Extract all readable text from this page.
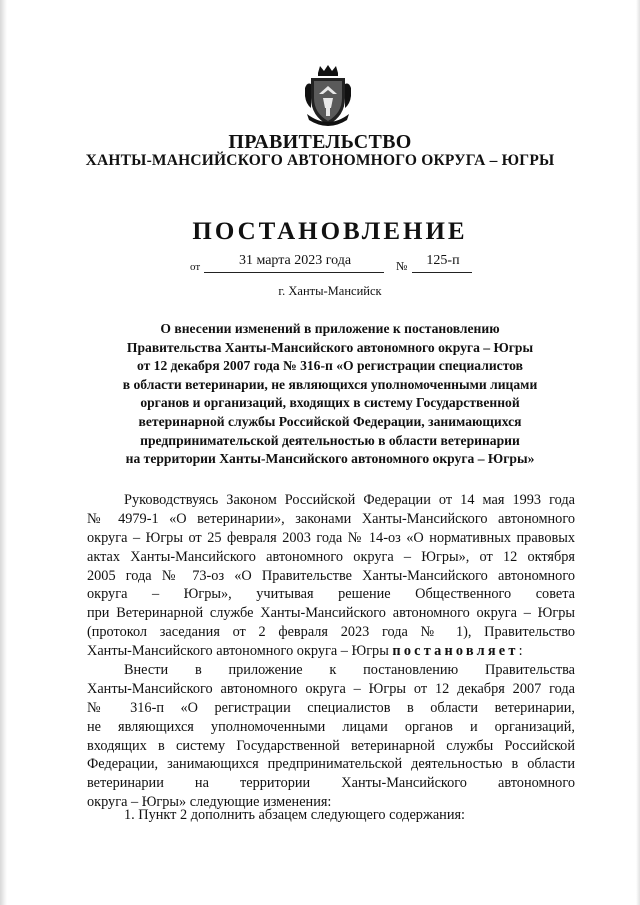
ПРАВИТЕЛЬСТВО
ХАНТЫ-МАНСИЙСКОГО АВТОНОМНОГО ОКРУГА – ЮГРЫ
ПОСТАНОВЛЕНИЕ
от	31 марта 2023 года	№	125-п
г. Ханты-Мансийск
О внесении изменений в приложение к постановлению
Правительства Ханты-Мансийского автономного округа – Югры
от 12 декабря 2007 года № 316-п «О регистрации специалистов
в области ветеринарии, не являющихся уполномоченными лицами
органов и организаций, входящих в систему Государственной
ветеринарной службы Российской Федерации, занимающихся
предпринимательской деятельностью в области ветеринарии
на территории Ханты-Мансийского автономного округа – Югры»
Руководствуясь Законом Российской Федерации от 14 мая 1993 года
№ 4979-1 «О ветеринарии», законами Ханты-Мансийского автономного
округа – Югры от 25 февраля 2003 года № 14-оз «О нормативных правовых
актах Ханты-Мансийского автономного округа – Югры», от 12 октября
2005 года № 73-оз «О Правительстве Ханты-Мансийского автономного
округа – Югры», учитывая решение Общественного совета
при Ветеринарной службе Ханты-Мансийского автономного округа – Югры
(протокол заседания от 2 февраля 2023 года № 1), Правительство
Ханты-Мансийского автономного округа – Югры постановляет:
Внести в приложение к постановлению Правительства
Ханты-Мансийского автономного округа – Югры от 12 декабря 2007 года
№ 316-п «О регистрации специалистов в области ветеринарии,
не являющихся уполномоченными лицами органов и организаций,
входящих в систему Государственной ветеринарной службы Российской
Федерации, занимающихся предпринимательской деятельностью в области
ветеринарии на территории Ханты-Мансийского автономного
округа – Югры» следующие изменения:
1. Пункт 2 дополнить абзацем следующего содержания:
